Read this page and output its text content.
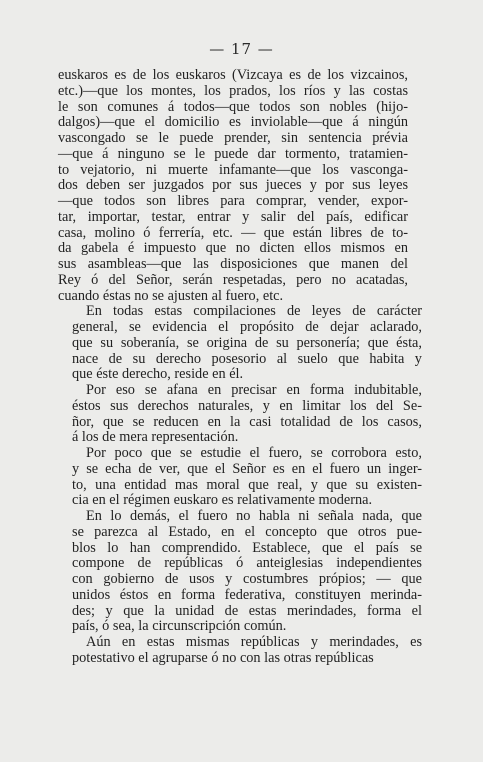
— 17 —
euskaros es de los euskaros (Vizcaya es de los vizcainos,
etc.)—que los montes, los prados, los ríos y las costas
le son comunes á todos—que todos son nobles (hijo-
dalgos)—que el domicilio es inviolable—que á ningún
vascongado se le puede prender, sin sentencia prévia
—que á ninguno se le puede dar tormento, tratamien-
to vejatorio, ni muerte infamante—que los vasconga-
dos deben ser juzgados por sus jueces y por sus leyes
—que todos son libres para comprar, vender, expor-
tar, importar, testar, entrar y salir del país, edificar
casa, molino ó ferrería, etc. — que están libres de to-
da gabela é impuesto que no dicten ellos mismos en
sus asambleas—que las disposiciones que manen del
Rey ó del Señor, serán respetadas, pero no acatadas,
cuando éstas no se ajusten al fuero, etc.
En todas estas compilaciones de leyes de carácter
general, se evidencia el propósito de dejar aclarado,
que su soberanía, se origina de su personería; que ésta,
nace de su derecho posesorio al suelo que habita y
que éste derecho, reside en él.
Por eso se afana en precisar en forma indubitable,
éstos sus derechos naturales, y en limitar los del Se-
ñor, que se reducen en la casi totalidad de los casos,
á los de mera representación.
Por poco que se estudie el fuero, se corrobora esto,
y se echa de ver, que el Señor es en el fuero un inger-
to, una entidad mas moral que real, y que su existen-
cia en el régimen euskaro es relativamente moderna.
En lo demás, el fuero no habla ni señala nada, que
se parezca al Estado, en el concepto que otros pue-
blos lo han comprendido. Establece, que el país se
compone de repúblicas ó anteiglesias independientes
con gobierno de usos y costumbres própios; — que
unidos éstos en forma federativa, constituyen merinda-
des; y que la unidad de estas merindades, forma el
país, ó sea, la circunscripción común.
Aún en estas mismas repúblicas y merindades, es
potestativo el agruparse ó no con las otras repúblicas
